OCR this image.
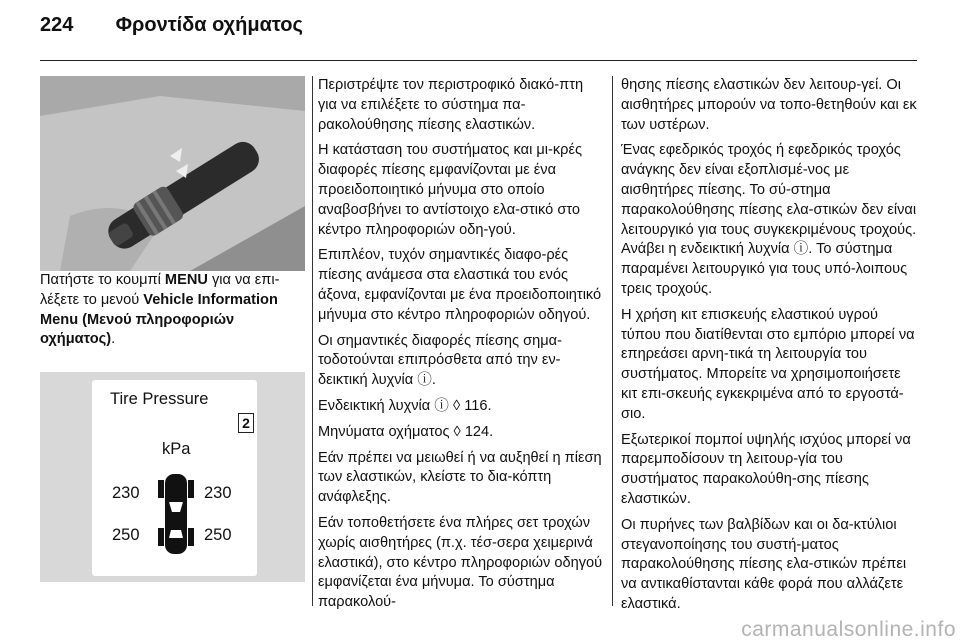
224 Φροντίδα οχήματος

Πατήστε το κουμπί MENU για να επι-λέξετε το μενού Vehicle Information Menu (Μενού πληροφοριών οχήματος).

Tire Pressure
2
kPa
230	230
250	250

Περιστρέψτε τον περιστροφικό διακό-πτη για να επιλέξετε το σύστημα πα-ρακολούθησης πίεσης ελαστικών.

Η κατάσταση του συστήματος και μι-κρές διαφορές πίεσης εμφανίζονται με ένα προειδοποιητικό μήνυμα στο οποίο αναβοσβήνει το αντίστοιχο ελα-στικό στο κέντρο πληροφοριών οδη-γού.

Επιπλέον, τυχόν σημαντικές διαφο-ρές πίεσης ανάμεσα στα ελαστικά του ενός άξονα, εμφανίζονται με ένα προειδοποιητικό μήνυμα στο κέντρο πληροφοριών οδηγού.

Οι σημαντικές διαφορές πίεσης σημα-τοδοτούνται επιπρόσθετα από την εν-δεικτική λυχνία ⓘ.

Ενδεικτική λυχνία ⓘ ◊ 116.

Μηνύματα οχήματος ◊ 124.

Εάν πρέπει να μειωθεί ή να αυξηθεί η πίεση των ελαστικών, κλείστε το δια-κόπτη ανάφλεξης.

Εάν τοποθετήσετε ένα πλήρες σετ τροχών χωρίς αισθητήρες (π.χ. τέσ-σερα χειμερινά ελαστικά), στο κέντρο πληροφοριών οδηγού εμφανίζεται ένα μήνυμα. Το σύστημα παρακολού-

θησης πίεσης ελαστικών δεν λειτουρ-γεί. Οι αισθητήρες μπορούν να τοπο-θετηθούν και εκ των υστέρων.

Ένας εφεδρικός τροχός ή εφεδρικός τροχός ανάγκης δεν είναι εξοπλισμέ-νος με αισθητήρες πίεσης. Το σύ-στημα παρακολούθησης πίεσης ελα-στικών δεν είναι λειτουργικό για τους συγκεκριμένους τροχούς. Ανάβει η ενδεικτική λυχνία ⓘ. Το σύστημα παραμένει λειτουργικό για τους υπό-λοιπους τρεις τροχούς.

Η χρήση κιτ επισκευής ελαστικού υγρού τύπου που διατίθενται στο εμπόριο μπορεί να επηρεάσει αρνη-τικά τη λειτουργία του συστήματος. Μπορείτε να χρησιμοποιήσετε κιτ επι-σκευής εγκεκριμένα από το εργοστά-σιο.

Εξωτερικοί πομποί υψηλής ισχύος μπορεί να παρεμποδίσουν τη λειτουρ-γία του συστήματος παρακολούθη-σης πίεσης ελαστικών.

Οι πυρήνες των βαλβίδων και οι δα-κτύλιοι στεγανοποίησης του συστή-ματος παρακολούθησης πίεσης ελα-στικών πρέπει να αντικαθίστανται κάθε φορά που αλλάζετε ελαστικά.

carmanualsonline.info
